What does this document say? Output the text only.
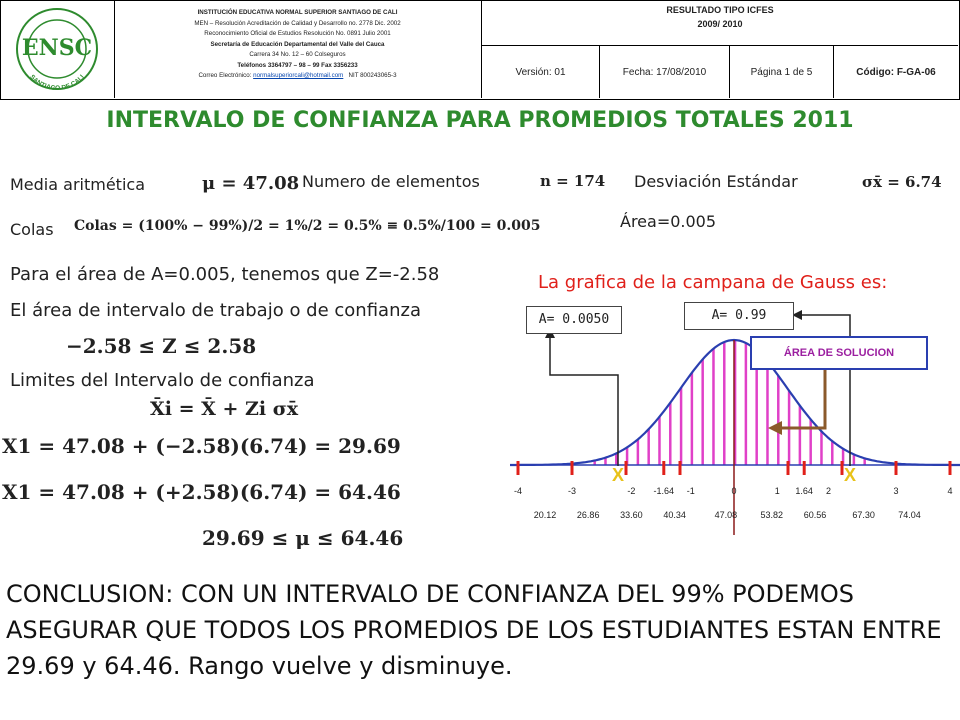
ENSC
SANTIAGO DE CALI
INSTITUCIÓN EDUCATIVA NORMAL SUPERIOR SANTIAGO DE CALI
MEN – Resolución Acreditación de Calidad y Desarrollo no. 2778 Dic. 2002
Reconocimiento Oficial de Estudios Resolución No. 0891 Julio 2001
Secretaría de Educación Departamental del Valle del Cauca
Carrera 34 No. 12 – 60 Colseguros
Teléfonos 3364797 – 98 – 99 Fax 3356233
Correo Electrónico: normalsuperiorcali@hotmail.com NIT 800243065-3
RESULTADO TIPO ICFES
2009/ 2010
Versión: 01	Fecha: 17/08/2010	Página 1 de 5	Código: F-GA-06
INTERVALO DE CONFIANZA PARA PROMEDIOS TOTALES 2011
Media aritmética	μ = 47.08 Numero de elementos	n = 174 Desviación Estándar	σx̄ = 6.74
Colas Colas = (100% − 99%)/2 = 1%/2 = 0.5% ≡ 0.5%/100 = 0.005	Área=0.005
Para el área de A=0.005, tenemos que Z=-2.58
El área de intervalo de trabajo o de confianza
−2.58 ≤ Z ≤ 2.58
Limites del Intervalo de confianza
X̄i = X̄ + Zi σx̄
X1 = 47.08 + (−2.58)(6.74) = 29.69
X1 = 47.08 + (+2.58)(6.74) = 64.46
29.69 ≤ μ ≤ 64.46
La grafica de la campana de Gauss es:
X	X
-4	-3	-2 -1.64 -1	0	1 1.64 2	3	4
20.12 26.86 33.60 40.34	47.08	53.82 60.56	67.30	74.04
A= 0.0050	A= 0.99
ÁREA DE SOLUCION
CONCLUSION: CON UN INTERVALO DE CONFIANZA DEL 99% PODEMOS ASEGURAR QUE TODOS LOS PROMEDIOS DE LOS ESTUDIANTES ESTAN ENTRE 29.69 y 64.46. Rango vuelve y disminuye.
